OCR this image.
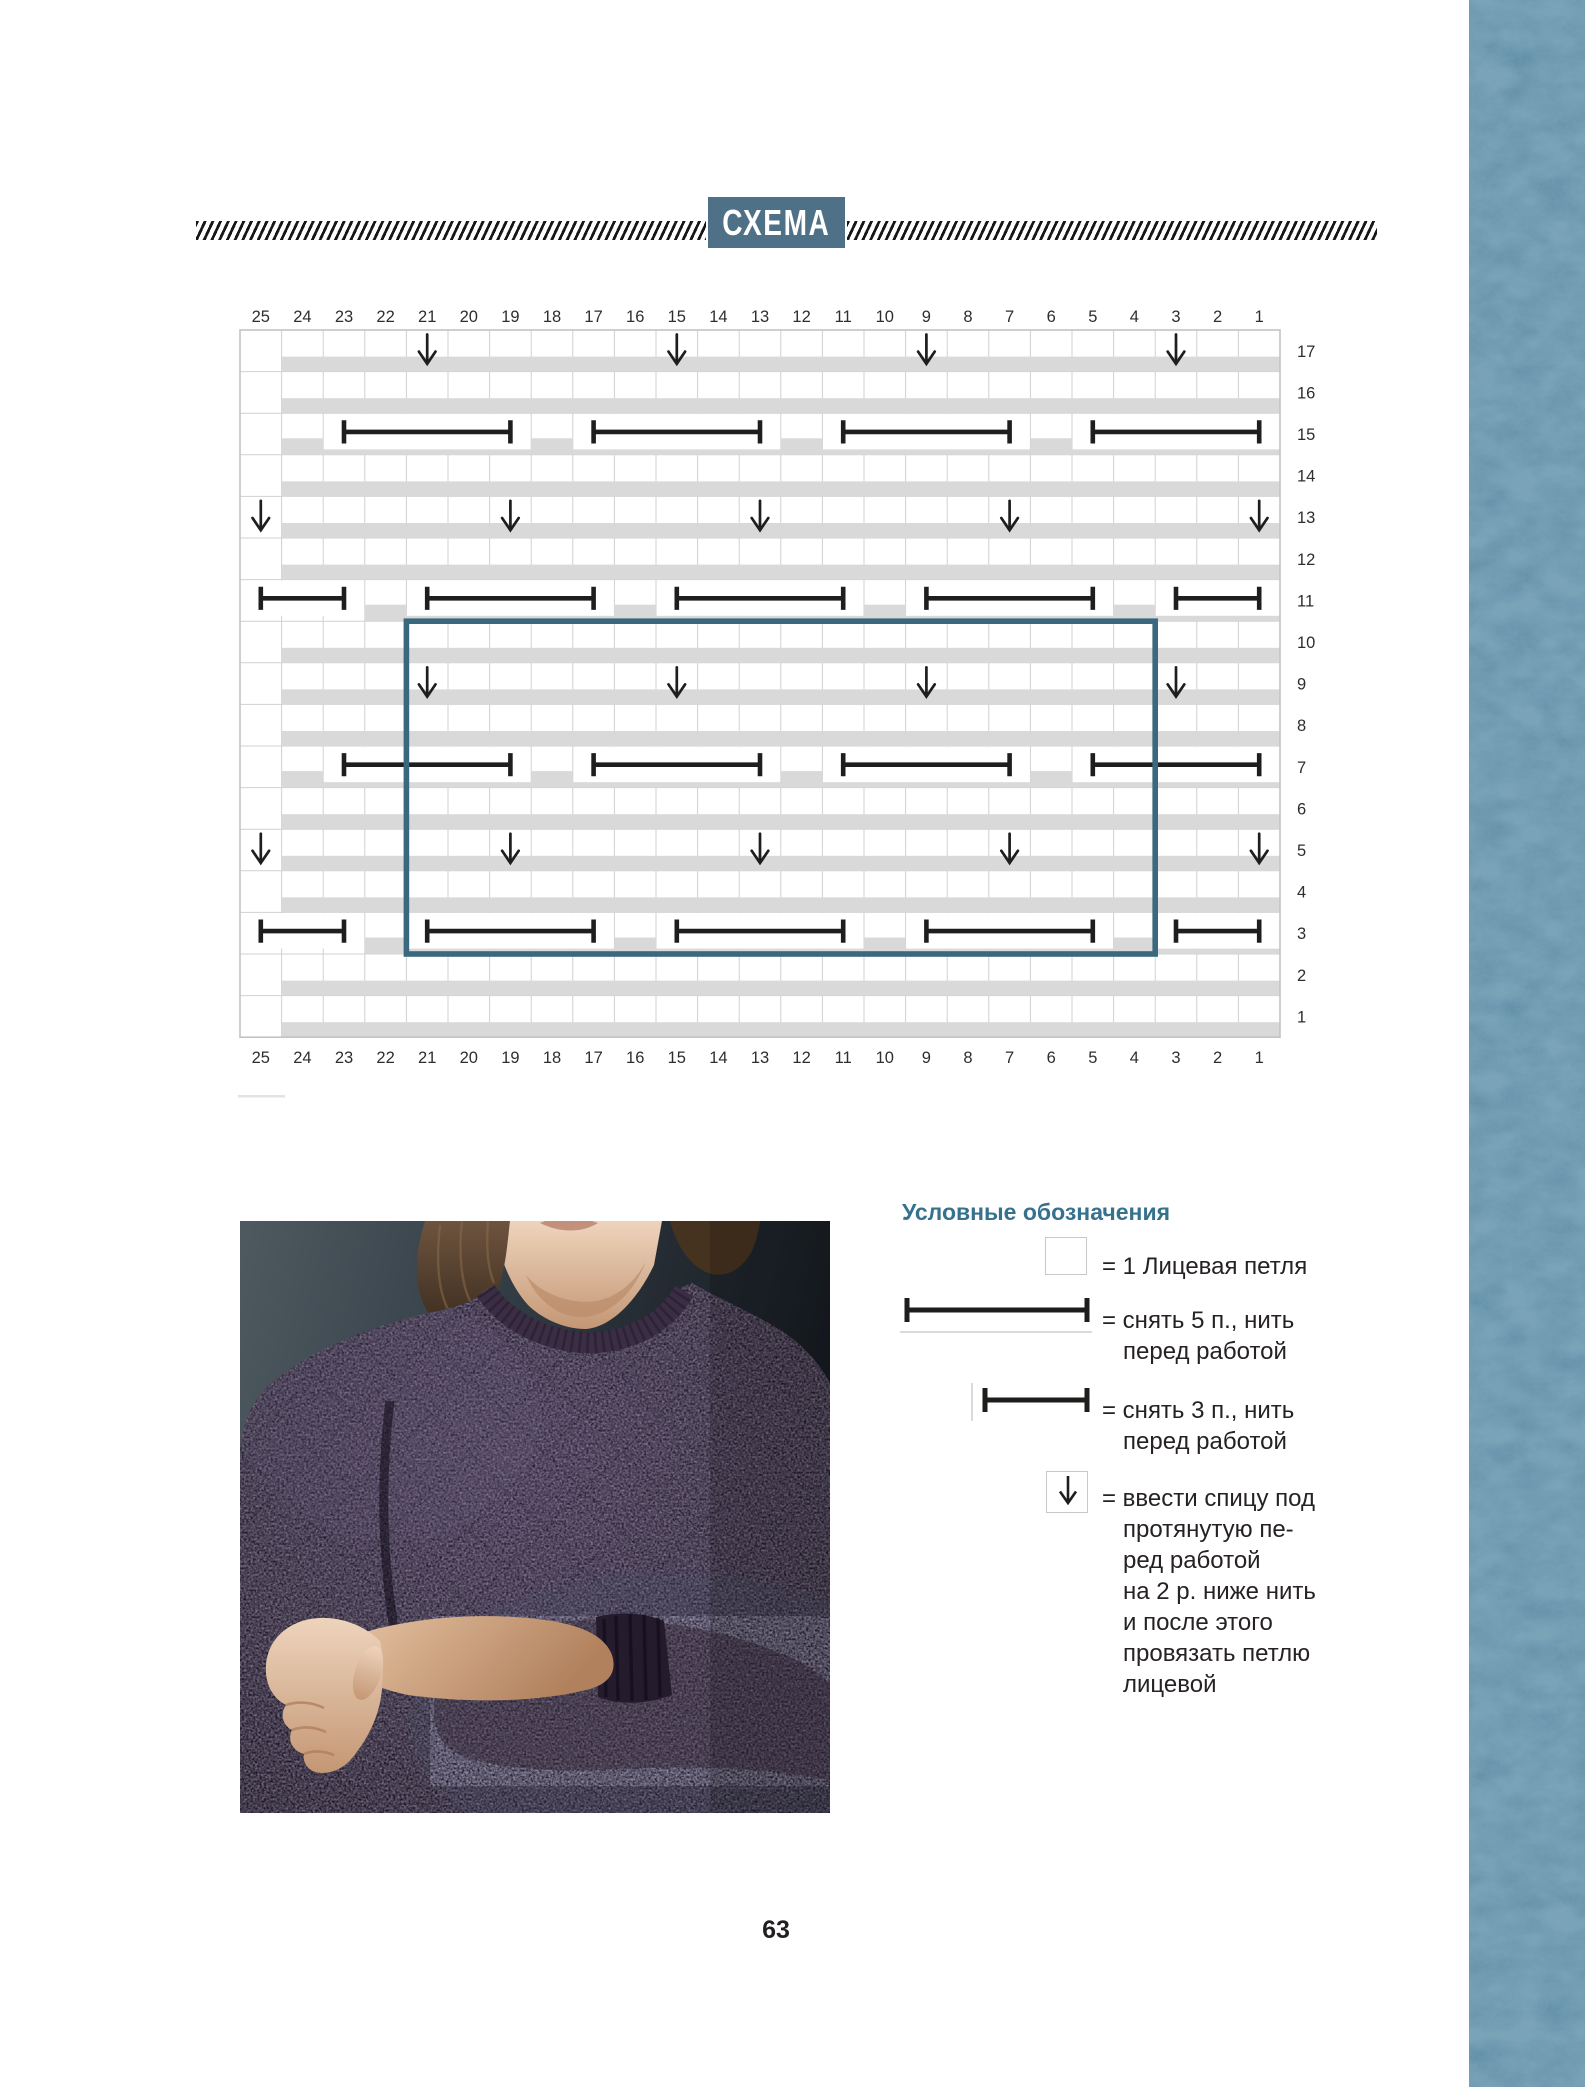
СХЕМА
25 24 23 22 21 20 19 18 17 16 15 14 13 12 11 10 9 8 7 6 5 4 3 2 1
25 24 23 22 21 20 19 18 17 16 15 14 13 12 11 10 9 8 7 6 5 4 3 2 1
17
16
15
14
13
12
11
10
9
8
7
6
5
4
3
2
1
Условные обозначения
= 1 Лицевая петля
= снять 5 п., нить
перед работой
= снять 3 п., нить
перед работой
= ввести спицу под
протянутую пе-
ред работой
на 2 р. ниже нить
и после этого
провязать петлю
лицевой
63
